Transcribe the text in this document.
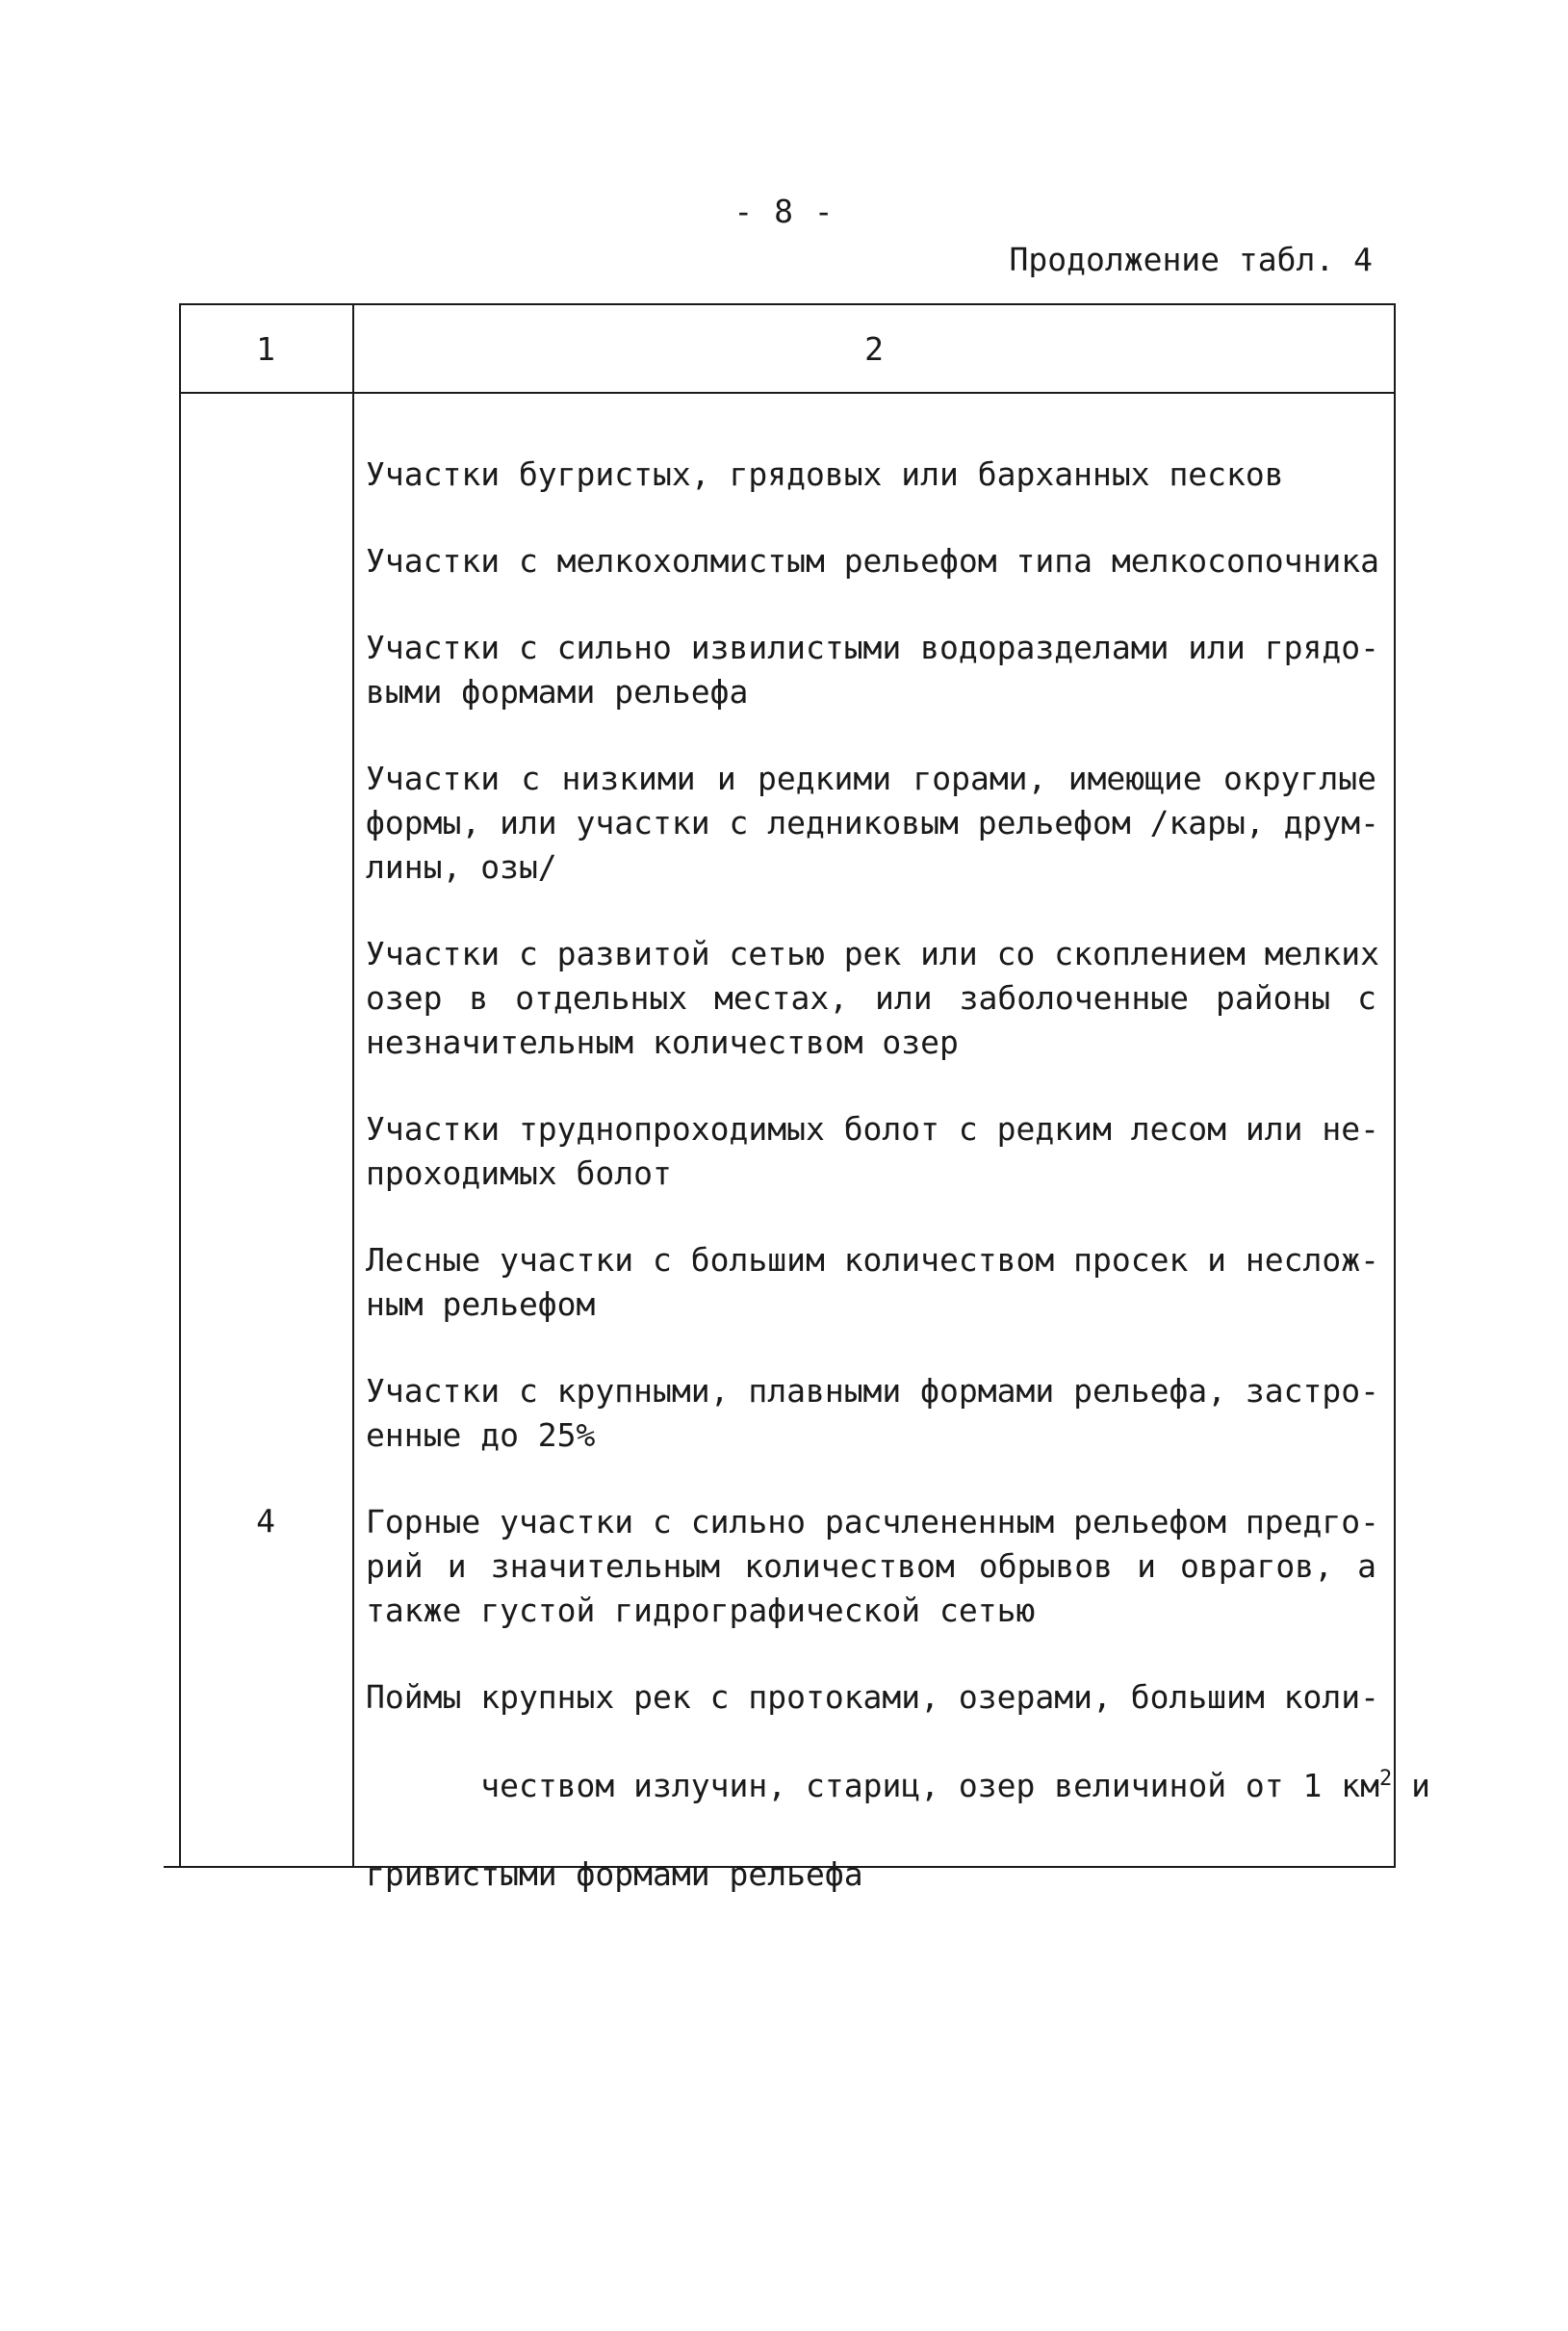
- 8 -
Продолжение табл. 4
1	2
4
Участки бугристых, грядовых или барханных песков
Участки с мелкохолмистым рельефом типа мелкосопочника
Участки с сильно извилистыми водоразделами или грядо-
выми формами рельефа
Участки с низкими и редкими горами, имеющие округлые
формы, или участки с ледниковым рельефом /кары, друм-
лины, озы/
Участки с развитой сетью рек или со скоплением мелких
озер в отдельных местах, или заболоченные районы с
незначительным количеством озер
Участки труднопроходимых болот с редким лесом или не-
проходимых болот
Лесные участки с большим количеством просек и неслож-
ным рельефом
Участки с крупными, плавными формами рельефа, застро-
енные до 25%
Горные участки с сильно расчлененным рельефом предго-
рий и значительным количеством обрывов и оврагов, а
также густой гидрографической сетью
Поймы крупных рек с протоками, озерами, большим коли-

чеством излучин, стариц, озер величиной от 1 $км^2$ и

гривистыми формами рельефа
